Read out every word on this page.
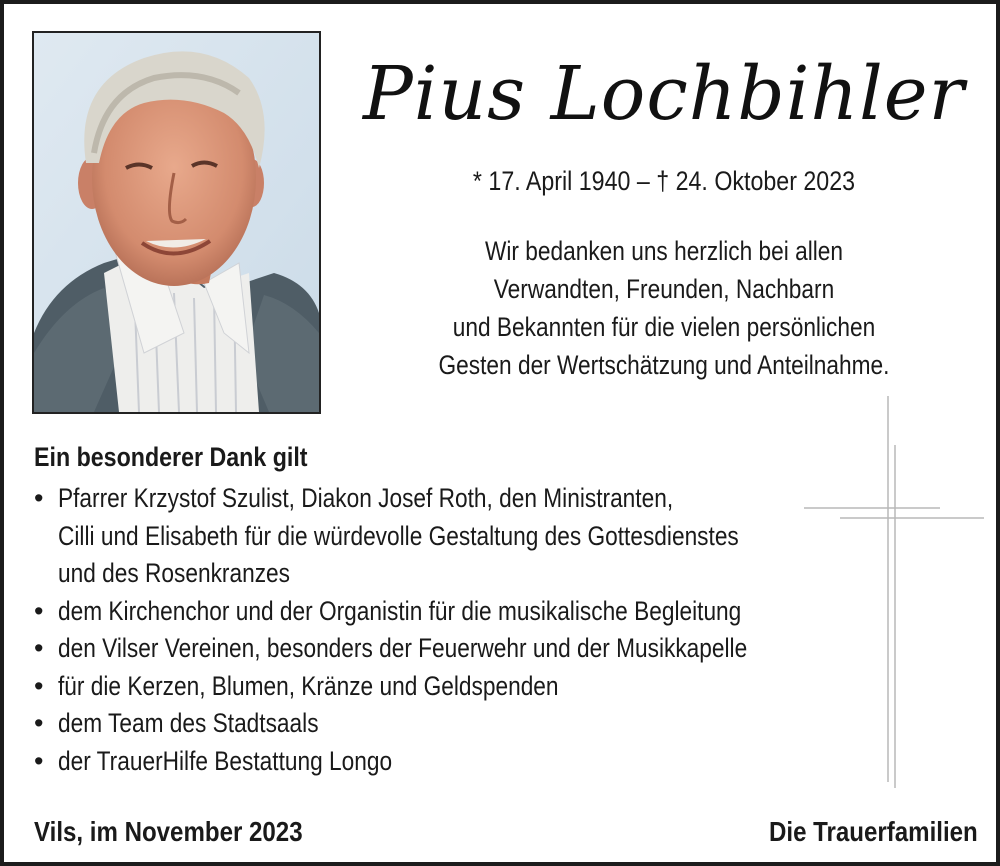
Pius Lochbihler
* 17. April 1940 – † 24. Oktober 2023
Wir bedanken uns herzlich bei allen
Verwandten, Freunden, Nachbarn
und Bekannten für die vielen persönlichen
Gesten der Wertschätzung und Anteilnahme.
Ein besonderer Dank gilt
• Pfarrer Krzystof Szulist, Diakon Josef Roth, den Ministranten,
Cilli und Elisabeth für die würdevolle Gestaltung des Gottesdienstes
und des Rosenkranzes
• dem Kirchenchor und der Organistin für die musikalische Begleitung
• den Vilser Vereinen, besonders der Feuerwehr und der Musikkapelle
• für die Kerzen, Blumen, Kränze und Geldspenden
• dem Team des Stadtsaals
• der TrauerHilfe Bestattung Longo
Vils, im November 2023	Die Trauerfamilien
